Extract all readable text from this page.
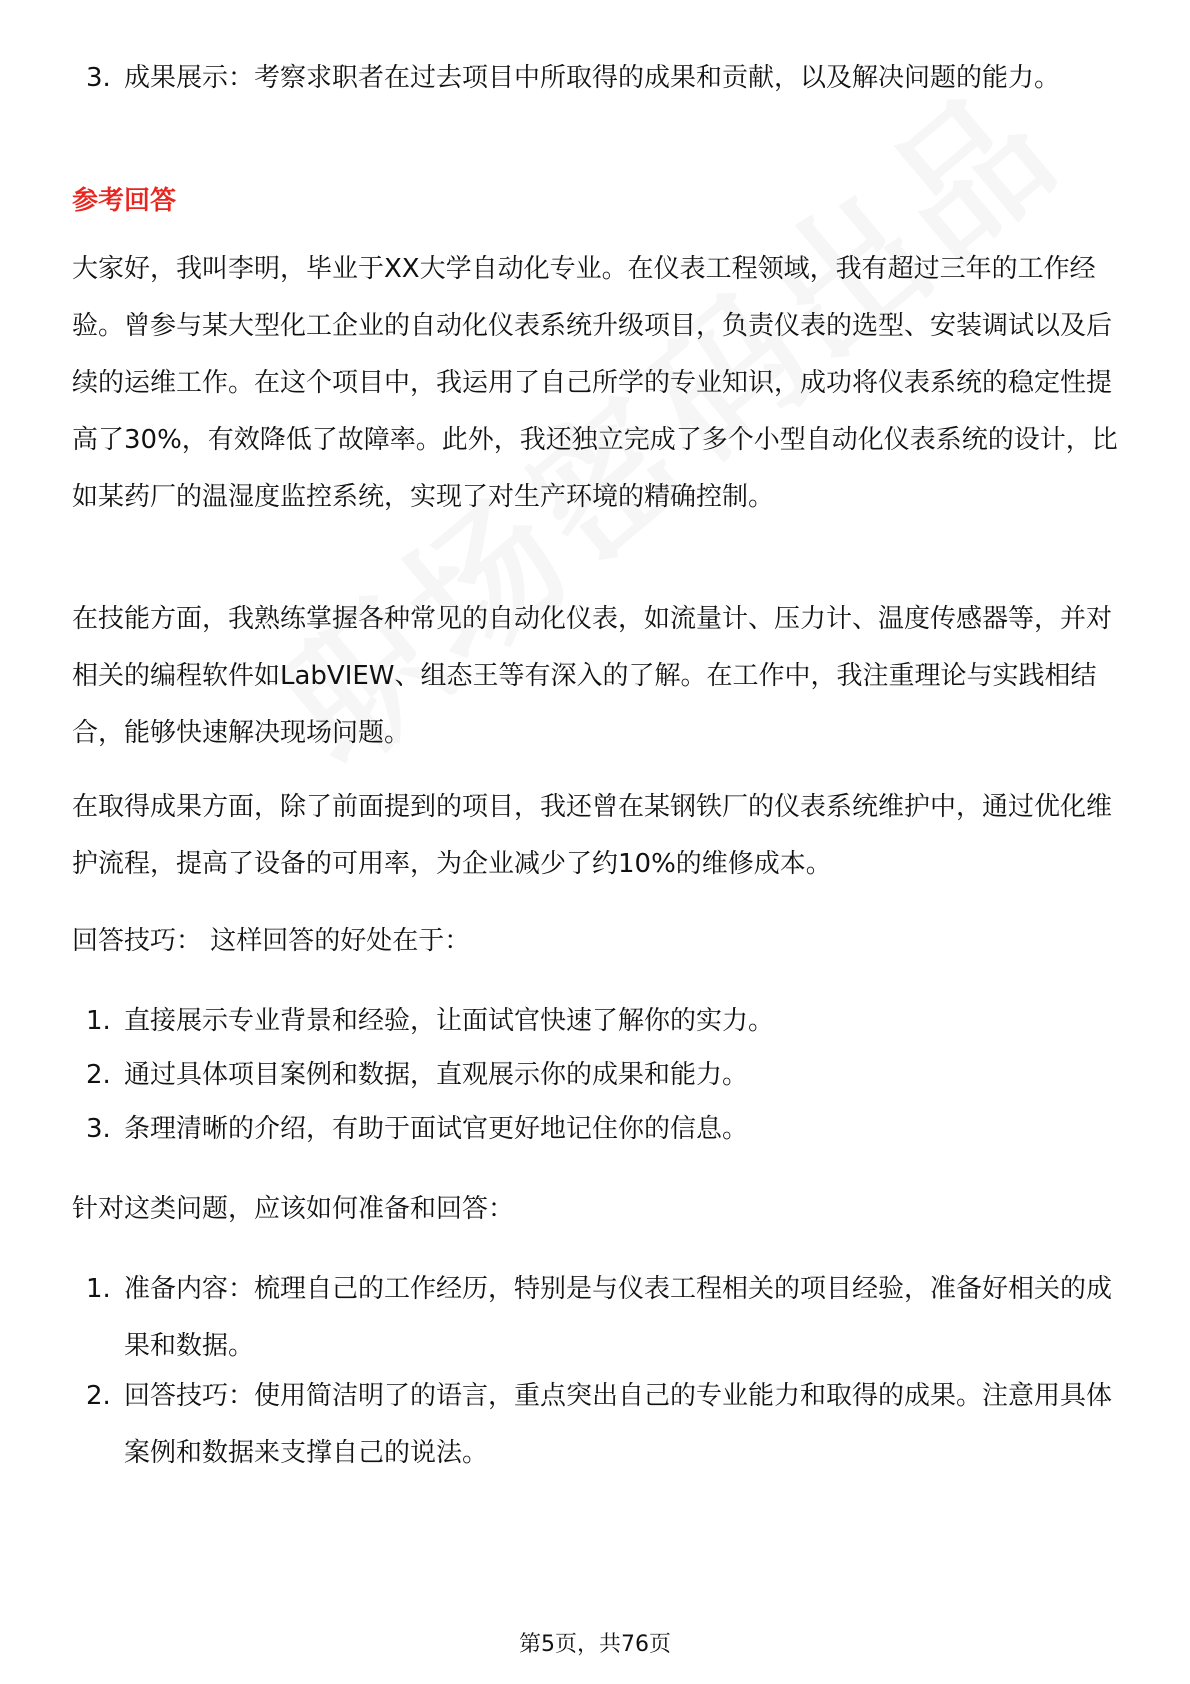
3. 成果展示：考察求职者在过去项目中所取得的成果和贡献，以及解决问题的能力。
参考回答

大家好，我叫李明，毕业于XX大学自动化专业。在仪表工程领域，我有超过三年的工作经验。曾参与某大型化工企业的自动化仪表系统升级项目，负责仪表的选型、安装调试以及后续的运维工作。在这个项目中，我运用了自己所学的专业知识，成功将仪表系统的稳定性提高了30%，有效降低了故障率。此外，我还独立完成了多个小型自动化仪表系统的设计，比如某药厂的温湿度监控系统，实现了对生产环境的精确控制。

在技能方面，我熟练掌握各种常见的自动化仪表，如流量计、压力计、温度传感器等，并对相关的编程软件如LabVIEW、组态王等有深入的了解。在工作中，我注重理论与实践相结合，能够快速解决现场问题。

在取得成果方面，除了前面提到的项目，我还曾在某钢铁厂的仪表系统维护中，通过优化维护流程，提高了设备的可用率，为企业减少了约10%的维修成本。

回答技巧： 这样回答的好处在于：

1. 直接展示专业背景和经验，让面试官快速了解你的实力。
2. 通过具体项目案例和数据，直观展示你的成果和能力。
3. 条理清晰的介绍，有助于面试官更好地记住你的信息。

针对这类问题，应该如何准备和回答：

1. 准备内容：梳理自己的工作经历，特别是与仪表工程相关的项目经验，准备好相关的成果和数据。
2. 回答技巧：使用简洁明了的语言，重点突出自己的专业能力和取得的成果。注意用具体案例和数据来支撑自己的说法。
第5页，共76页
